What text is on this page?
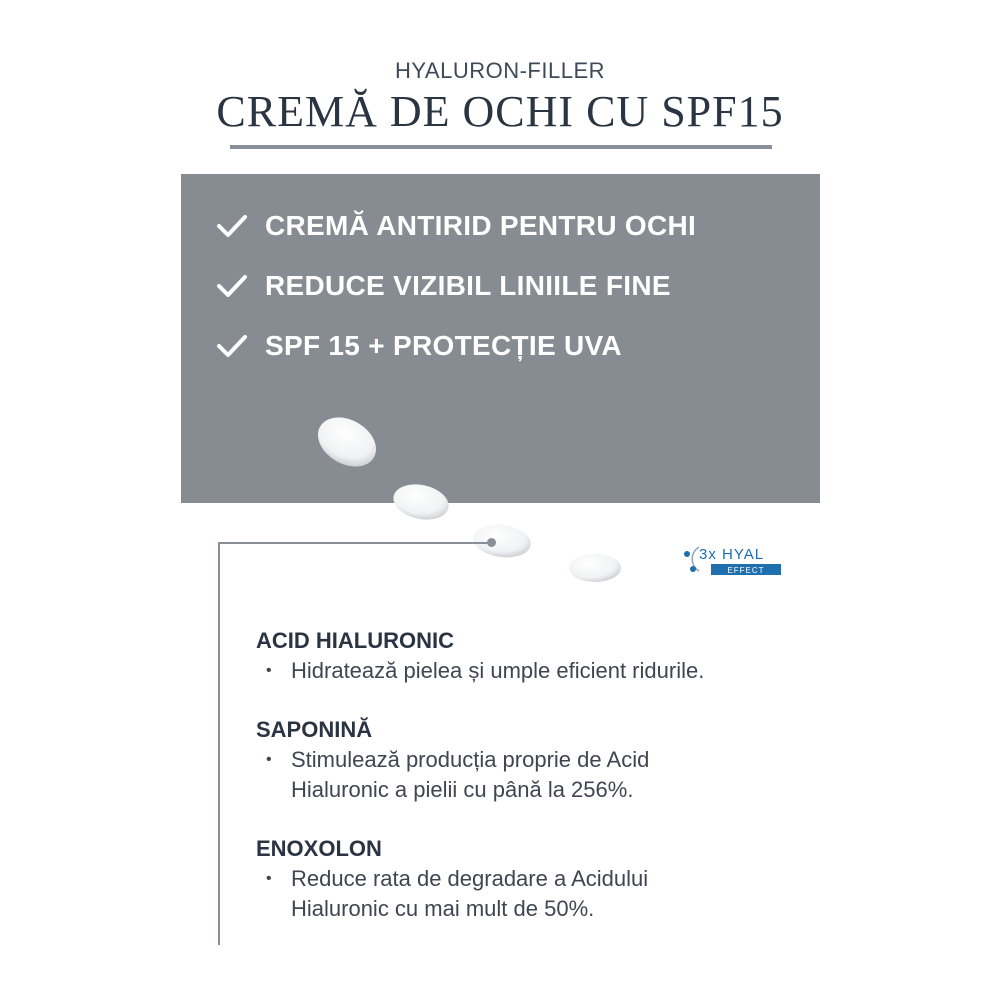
HYALURON-FILLER
CREMĂ DE OCHI CU SPF15
CREMĂ ANTIRID PENTRU OCHI
REDUCE VIZIBIL LINIILE FINE
SPF 15 + PROTECȚIE UVA
3x HYAL
EFFECT
ACID HIALURONIC
• Hidratează pielea și umple eficient ridurile.
SAPONINĂ
• Stimulează producția proprie de Acid
Hialuronic a pielii cu până la 256%.
ENOXOLON
• Reduce rata de degradare a Acidului
Hialuronic cu mai mult de 50%.
